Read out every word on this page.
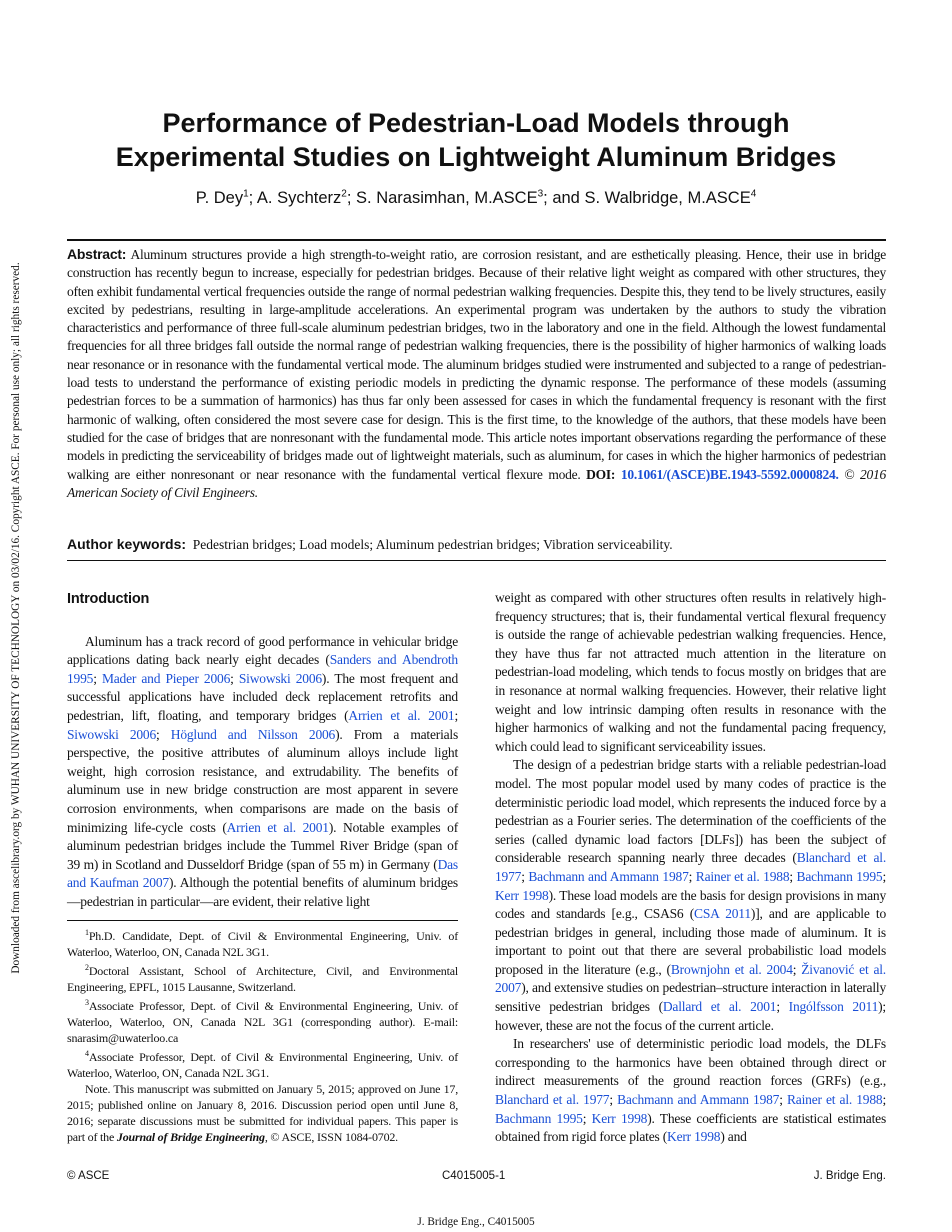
Downloaded from ascelibrary.org by WUHAN UNIVERSITY OF TECHNOLOGY on 03/02/16. Copyright ASCE. For personal use only; all rights reserved.
Performance of Pedestrian-Load Models through
Experimental Studies on Lightweight Aluminum Bridges
P. Dey$^1$; A. Sychterz$^2$; S. Narasimhan, M.ASCE$^3$; and S. Walbridge, M.ASCE$^4$
Abstract: Aluminum structures provide a high strength-to-weight ratio, are corrosion resistant, and are esthetically pleasing. Hence, their use in bridge construction has recently begun to increase, especially for pedestrian bridges. Because of their relative light weight as compared with other structures, they often exhibit fundamental vertical frequencies outside the range of normal pedestrian walking frequencies. Despite this, they tend to be lively structures, easily excited by pedestrians, resulting in large-amplitude accelerations. An experimental program was undertaken by the authors to study the vibration characteristics and performance of three full-scale aluminum pedestrian bridges, two in the laboratory and one in the field. Although the lowest fundamental frequencies for all three bridges fall outside the normal range of pedestrian walking frequencies, there is the possibility of higher harmonics of walking loads near resonance or in resonance with the fundamental vertical mode. The aluminum bridges studied were instrumented and subjected to a range of pedestrian-load tests to understand the performance of existing periodic models in predicting the dynamic response. The performance of these models (assuming pedestrian forces to be a summation of harmonics) has thus far only been assessed for cases in which the fundamental frequency is resonant with the first harmonic of walking, often considered the most severe case for design. This is the first time, to the knowledge of the authors, that these models have been studied for the case of bridges that are nonresonant with the fundamental mode. This article notes important observations regarding the performance of these models in predicting the serviceability of bridges made out of lightweight materials, such as aluminum, for cases in which the higher harmonics of pedestrian walking are either nonresonant or near resonance with the fundamental vertical flexure mode. DOI: 10.1061/(ASCE)BE.1943-5592.0000824. © 2016 American Society of Civil Engineers.
Author keywords: Pedestrian bridges; Load models; Aluminum pedestrian bridges; Vibration serviceability.
Introduction

Aluminum has a track record of good performance in vehicular bridge applications dating back nearly eight decades (Sanders and Abendroth 1995; Mader and Pieper 2006; Siwowski 2006). The most frequent and successful applications have included deck replacement retrofits and pedestrian, lift, floating, and temporary bridges (Arrien et al. 2001; Siwowski 2006; Höglund and Nilsson 2006). From a materials perspective, the positive attributes of aluminum alloys include light weight, high corrosion resistance, and extrudability. The benefits of aluminum use in new bridge construction are most apparent in severe corrosion environments, when comparisons are made on the basis of minimizing life-cycle costs (Arrien et al. 2001). Notable examples of aluminum pedestrian bridges include the Tummel River Bridge (span of 39 m) in Scotland and Dusseldorf Bridge (span of 55 m) in Germany (Das and Kaufman 2007). Although the potential benefits of aluminum bridges—pedestrian in particular—are evident, their relative light

weight as compared with other structures often results in relatively high-frequency structures; that is, their fundamental vertical flexural frequency is outside the range of achievable pedestrian walking frequencies. Hence, they have thus far not attracted much attention in the literature on pedestrian-load modeling, which tends to focus mostly on bridges that are in resonance at normal walking frequencies. However, their relative light weight and low intrinsic damping often results in resonance with the higher harmonics of walking and not the fundamental pacing frequency, which could lead to significant serviceability issues.

The design of a pedestrian bridge starts with a reliable pedestrian-load model. The most popular model used by many codes of practice is the deterministic periodic load model, which represents the induced force by a pedestrian as a Fourier series. The determination of the coefficients of the series (called dynamic load factors [DLFs]) has been the subject of considerable research spanning nearly three decades (Blanchard et al. 1977; Bachmann and Ammann 1987; Rainer et al. 1988; Bachmann 1995; Kerr 1998). These load models are the basis for design provisions in many codes and standards [e.g., CSAS6 (CSA 2011)], and are applicable to pedestrian bridges in general, including those made of aluminum. It is important to point out that there are several probabilistic load models proposed in the literature (e.g., (Brownjohn et al. 2004; Živanović et al. 2007), and extensive studies on pedestrian–structure interaction in laterally sensitive pedestrian bridges (Dallard et al. 2001; Ingólfsson 2011); however, these are not the focus of the current article.

In researchers' use of deterministic periodic load models, the DLFs corresponding to the harmonics have been obtained through direct or indirect measurements of the ground reaction forces (GRFs) (e.g., Blanchard et al. 1977; Bachmann and Ammann 1987; Rainer et al. 1988; Bachmann 1995; Kerr 1998). These coefficients are statistical estimates obtained from rigid force plates (Kerr 1998) and

$^1$Ph.D. Candidate, Dept. of Civil & Environmental Engineering, Univ. of Waterloo, Waterloo, ON, Canada N2L 3G1.

$^2$Doctoral Assistant, School of Architecture, Civil, and Environmental Engineering, EPFL, 1015 Lausanne, Switzerland.

$^3$Associate Professor, Dept. of Civil & Environmental Engineering, Univ. of Waterloo, Waterloo, ON, Canada N2L 3G1 (corresponding author). E-mail: snarasim@uwaterloo.ca

$^4$Associate Professor, Dept. of Civil & Environmental Engineering, Univ. of Waterloo, Waterloo, ON, Canada N2L 3G1.

Note. This manuscript was submitted on January 5, 2015; approved on June 17, 2015; published online on January 8, 2016. Discussion period open until June 8, 2016; separate discussions must be submitted for individual papers. This paper is part of the Journal of Bridge Engineering, © ASCE, ISSN 1084-0702.

© ASCE	C4015005-1	J. Bridge Eng.
J. Bridge Eng., C4015005
